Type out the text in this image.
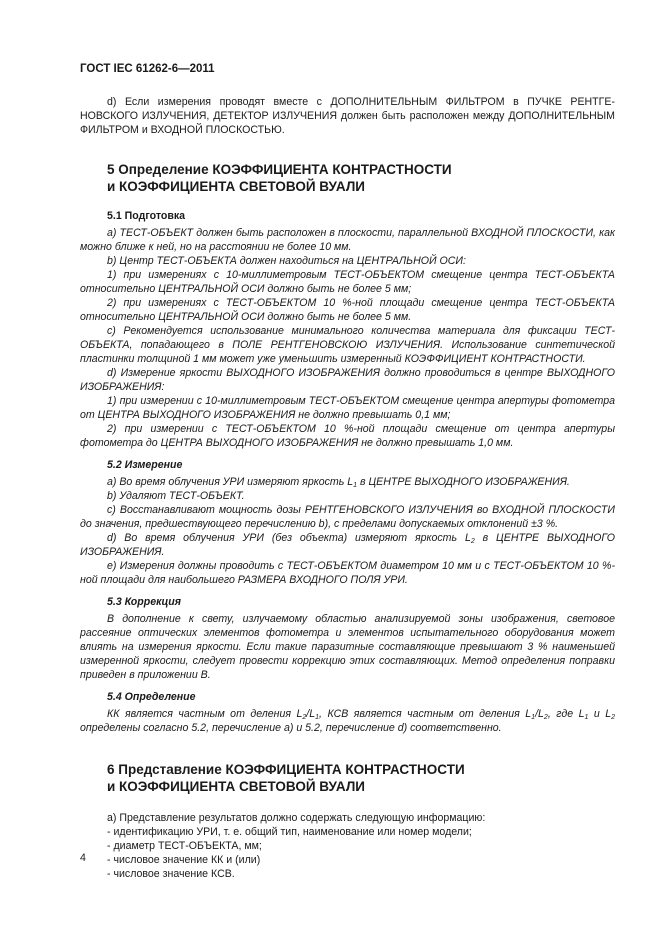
ГОСТ IEC 61262-6—2011

d) Если измерения проводят вместе с ДОПОЛНИТЕЛЬНЫМ ФИЛЬТРОМ в ПУЧКЕ РЕНТГЕ-НОВСКОГО ИЗЛУЧЕНИЯ, ДЕТЕКТОР ИЗЛУЧЕНИЯ должен быть расположен между ДОПОЛНИТЕЛЬНЫМ ФИЛЬТРОМ и ВХОДНОЙ ПЛОСКОСТЬЮ.

5 Определение КОЭФФИЦИЕНТА КОНТРАСТНОСТИ
и КОЭФФИЦИЕНТА СВЕТОВОЙ ВУАЛИ
5.1 Подготовка

а) ТЕСТ-ОБЪЕКТ должен быть расположен в плоскости, параллельной ВХОДНОЙ ПЛОСКОСТИ, как можно ближе к ней, но на расстоянии не более 10 мм.

b) Центр ТЕСТ-ОБЪЕКТА должен находиться на ЦЕНТРАЛЬНОЙ ОСИ:

1) при измерениях с 10-миллиметровым ТЕСТ-ОБЪЕКТОМ смещение центра ТЕСТ-ОБЪЕКТА относительно ЦЕНТРАЛЬНОЙ ОСИ должно быть не более 5 мм;

2) при измерениях с ТЕСТ-ОБЪЕКТОМ 10 %-ной площади смещение центра ТЕСТ-ОБЪЕКТА относительно ЦЕНТРАЛЬНОЙ ОСИ должно быть не более 5 мм.

с) Рекомендуется использование минимального количества материала для фиксации ТЕСТ-ОБЪЕКТА, попадающего в ПОЛЕ РЕНТГЕНОВСКОЮ ИЗЛУЧЕНИЯ. Использование синтетической пластинки толщиной 1 мм может уже уменьшить измеренный КОЭФФИЦИЕНТ КОНТРАСТНОСТИ.

d) Измерение яркости ВЫХОДНОГО ИЗОБРАЖЕНИЯ должно проводиться в центре ВЫХОДНОГО ИЗОБРАЖЕНИЯ:

1) при измерении с 10-миллиметровым ТЕСТ-ОБЪЕКТОМ смещение центра апертуры фотометра от ЦЕНТРА ВЫХОДНОГО ИЗОБРАЖЕНИЯ не должно превышать 0,1 мм;

2) при измерении с ТЕСТ-ОБЪЕКТОМ 10 %-ной площади смещение от центра апертуры фотометра до ЦЕНТРА ВЫХОДНОГО ИЗОБРАЖЕНИЯ не должно превышать 1,0 мм.

5.2 Измерение

а) Во время облучения УРИ измеряют яркость $L_1$ в ЦЕНТРЕ ВЫХОДНОГО ИЗОБРАЖЕНИЯ.

b) Удаляют ТЕСТ-ОБЪЕКТ.

с) Восстанавливают мощность дозы РЕНТГЕНОВСКОГО ИЗЛУЧЕНИЯ во ВХОДНОЙ ПЛОСКОСТИ до значения, предшествующего перечислению b), с пределами допускаемых отклонений ±3 %.

d) Во время облучения УРИ (без объекта) измеряют яркость $L_2$ в ЦЕНТРЕ ВЫХОДНОГО ИЗОБРАЖЕНИЯ.

е) Измерения должны проводить с ТЕСТ-ОБЪЕКТОМ диаметром 10 мм и с ТЕСТ-ОБЪЕКТОМ 10 %-ной площади для наибольшего РАЗМЕРА ВХОДНОГО ПОЛЯ УРИ.

5.3 Коррекция

В дополнение к свету, излучаемому областью анализируемой зоны изображения, световое рассеяние оптических элементов фотометра и элементов испытательного оборудования может влиять на измерения яркости. Если такие паразитные составляющие превышают 3 % наименьшей измеренной яркости, следует провести коррекцию этих составляющих. Метод определения поправки приведен в приложении В.

5.4 Определение

КК является частным от деления $L_2/L_1$, КСВ является частным от деления $L_1/L_2$, где $L_1$ и $L_2$ определены согласно 5.2, перечисление а) и 5.2, перечисление d) соответственно.

6 Представление КОЭФФИЦИЕНТА КОНТРАСТНОСТИ
и КОЭФФИЦИЕНТА СВЕТОВОЙ ВУАЛИ

а) Представление результатов должно содержать следующую информацию:

- идентификацию УРИ, т. е. общий тип, наименование или номер модели;
- диаметр ТЕСТ-ОБЪЕКТА, мм;
- числовое значение КК и (или)
- числовое значение КСВ.
4
